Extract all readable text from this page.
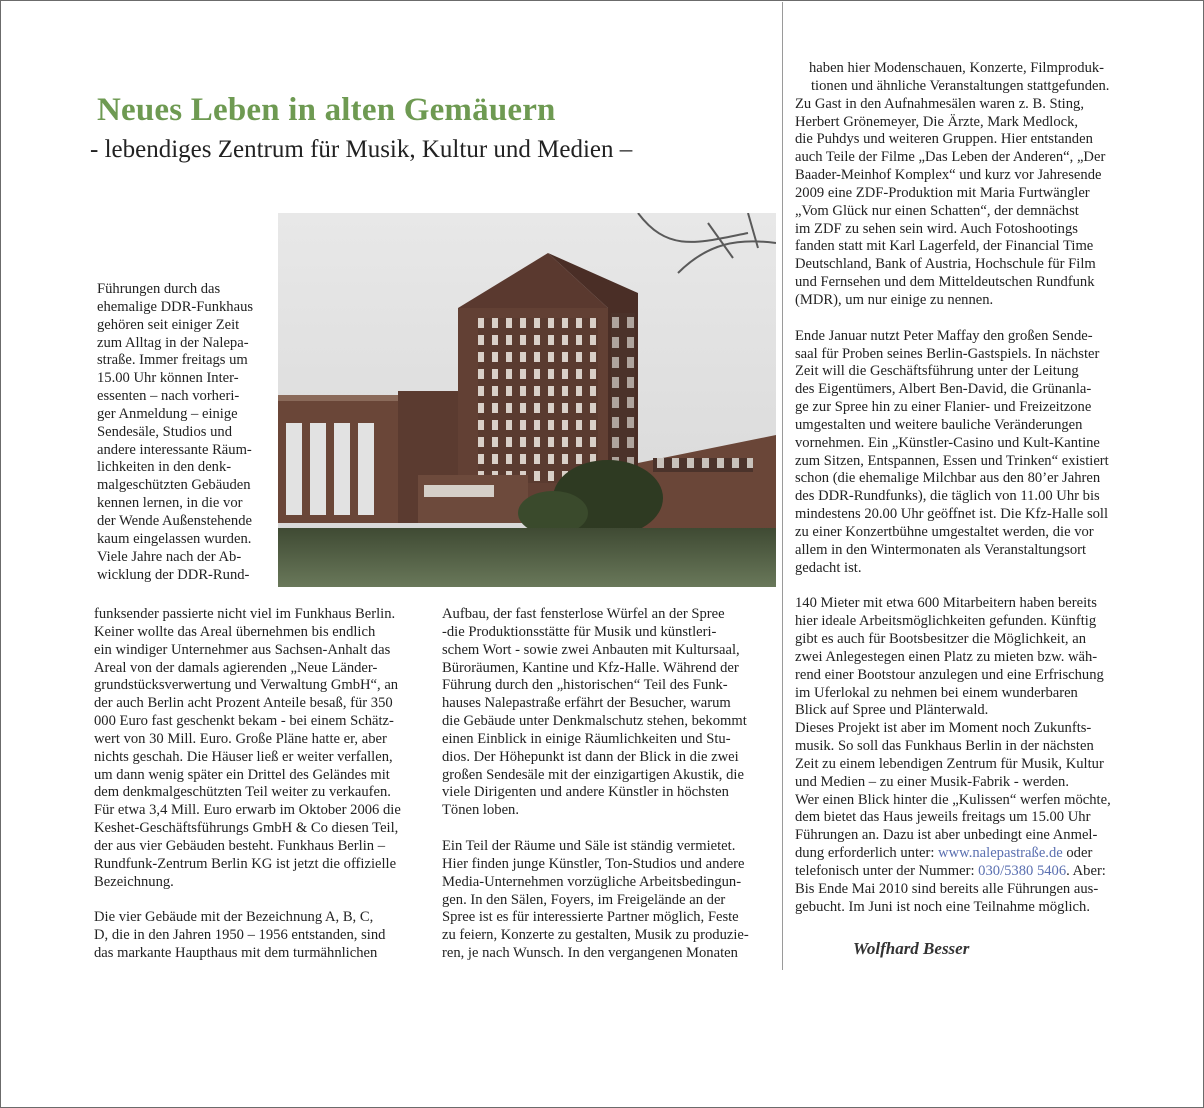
Neues Leben in alten Gemäuern
- lebendiges Zentrum für Musik, Kultur und Medien –
Führungen durch das
ehemalige DDR-Funkhaus
gehören seit einiger Zeit
zum Alltag in der Nalepa-
straße. Immer freitags um
15.00 Uhr können Inter-
essenten – nach vorheri-
ger Anmeldung – einige
Sendesäle, Studios und
andere interessante Räum-
lichkeiten in den denk-
malgeschützten Gebäuden
kennen lernen, in die vor
der Wende Außenstehende
kaum eingelassen wurden.
Viele Jahre nach der Ab-
wicklung der DDR-Rund-
funksender passierte nicht viel im Funkhaus Berlin.
Keiner wollte das Areal übernehmen bis endlich
ein windiger Unternehmer aus Sachsen-Anhalt das
Areal von der damals agierenden „Neue Länder-
grundstücksverwertung und Verwaltung GmbH“, an
der auch Berlin acht Prozent Anteile besaß, für 350
000 Euro fast geschenkt bekam - bei einem Schätz-
wert von 30 Mill. Euro. Große Pläne hatte er, aber
nichts geschah. Die Häuser ließ er weiter verfallen,
um dann wenig später ein Drittel des Geländes mit
dem denkmalgeschützten Teil weiter zu verkaufen.
Für etwa 3,4 Mill. Euro erwarb im Oktober 2006 die
Keshet-Geschäftsführungs GmbH & Co diesen Teil,
der aus vier Gebäuden besteht. Funkhaus Berlin –
Rundfunk-Zentrum Berlin KG ist jetzt die offizielle
Bezeichnung.
Die vier Gebäude mit der Bezeichnung A, B, C,
D, die in den Jahren 1950 – 1956 entstanden, sind
das markante Haupthaus mit dem turmähnlichen
Aufbau, der fast fensterlose Würfel an der Spree
-die Produktionsstätte für Musik und künstleri-
schem Wort - sowie zwei Anbauten mit Kultursaal,
Büroräumen, Kantine und Kfz-Halle. Während der
Führung durch den „historischen“ Teil des Funk-
hauses Nalepastraße erfährt der Besucher, warum
die Gebäude unter Denkmalschutz stehen, bekommt
einen Einblick in einige Räumlichkeiten und Stu-
dios. Der Höhepunkt ist dann der Blick in die zwei
großen Sendesäle mit der einzigartigen Akustik, die
viele Dirigenten und andere Künstler in höchsten
Tönen loben.
Ein Teil der Räume und Säle ist ständig vermietet.
Hier finden junge Künstler, Ton-Studios und andere
Media-Unternehmen vorzügliche Arbeitsbedingun-
gen. In den Sälen, Foyers, im Freigelände an der
Spree ist es für interessierte Partner möglich, Feste
zu feiern, Konzerte zu gestalten, Musik zu produzie-
ren, je nach Wunsch. In den vergangenen Monaten
haben hier Modenschauen, Konzerte, Filmproduk-
tionen und ähnliche Veranstaltungen stattgefunden.
Zu Gast in den Aufnahmesälen waren z. B. Sting,
Herbert Grönemeyer, Die Ärzte, Mark Medlock,
die Puhdys und weiteren Gruppen. Hier entstanden
auch Teile der Filme „Das Leben der Anderen“, „Der
Baader-Meinhof Komplex“ und kurz vor Jahresende
2009 eine ZDF-Produktion mit Maria Furtwängler
„Vom Glück nur einen Schatten“, der demnächst
im ZDF zu sehen sein wird. Auch Fotoshootings
fanden statt mit Karl Lagerfeld, der Financial Time
Deutschland, Bank of Austria, Hochschule für Film
und Fernsehen und dem Mitteldeutschen Rundfunk
(MDR), um nur einige zu nennen.
Ende Januar nutzt Peter Maffay den großen Sende-
saal für Proben seines Berlin-Gastspiels. In nächster
Zeit will die Geschäftsführung unter der Leitung
des Eigentümers, Albert Ben-David, die Grünanla-
ge zur Spree hin zu einer Flanier- und Freizeitzone
umgestalten und weitere bauliche Veränderungen
vornehmen. Ein „Künstler-Casino und Kult-Kantine
zum Sitzen, Entspannen, Essen und Trinken“ existiert
schon (die ehemalige Milchbar aus den 80’er Jahren
des DDR-Rundfunks), die täglich von 11.00 Uhr bis
mindestens 20.00 Uhr geöffnet ist. Die Kfz-Halle soll
zu einer Konzertbühne umgestaltet werden, die vor
allem in den Wintermonaten als Veranstaltungsort
gedacht ist.
140 Mieter mit etwa 600 Mitarbeitern haben bereits
hier ideale Arbeitsmöglichkeiten gefunden. Künftig
gibt es auch für Bootsbesitzer die Möglichkeit, an
zwei Anlegestegen einen Platz zu mieten bzw. wäh-
rend einer Bootstour anzulegen und eine Erfrischung
im Uferlokal zu nehmen bei einem wunderbaren
Blick auf Spree und Plänterwald.
Dieses Projekt ist aber im Moment noch Zukunfts-
musik. So soll das Funkhaus Berlin in der nächsten
Zeit zu einem lebendigen Zentrum für Musik, Kultur
und Medien – zu einer Musik-Fabrik - werden.
Wer einen Blick hinter die „Kulissen“ werfen möchte,
dem bietet das Haus jeweils freitags um 15.00 Uhr
Führungen an. Dazu ist aber unbedingt eine Anmel-
dung erforderlich unter: www.nalepastraße.de oder
telefonisch unter der Nummer: 030/5380 5406. Aber:
Bis Ende Mai 2010 sind bereits alle Führungen aus-
gebucht. Im Juni ist noch eine Teilnahme möglich.
Wolfhard Besser
